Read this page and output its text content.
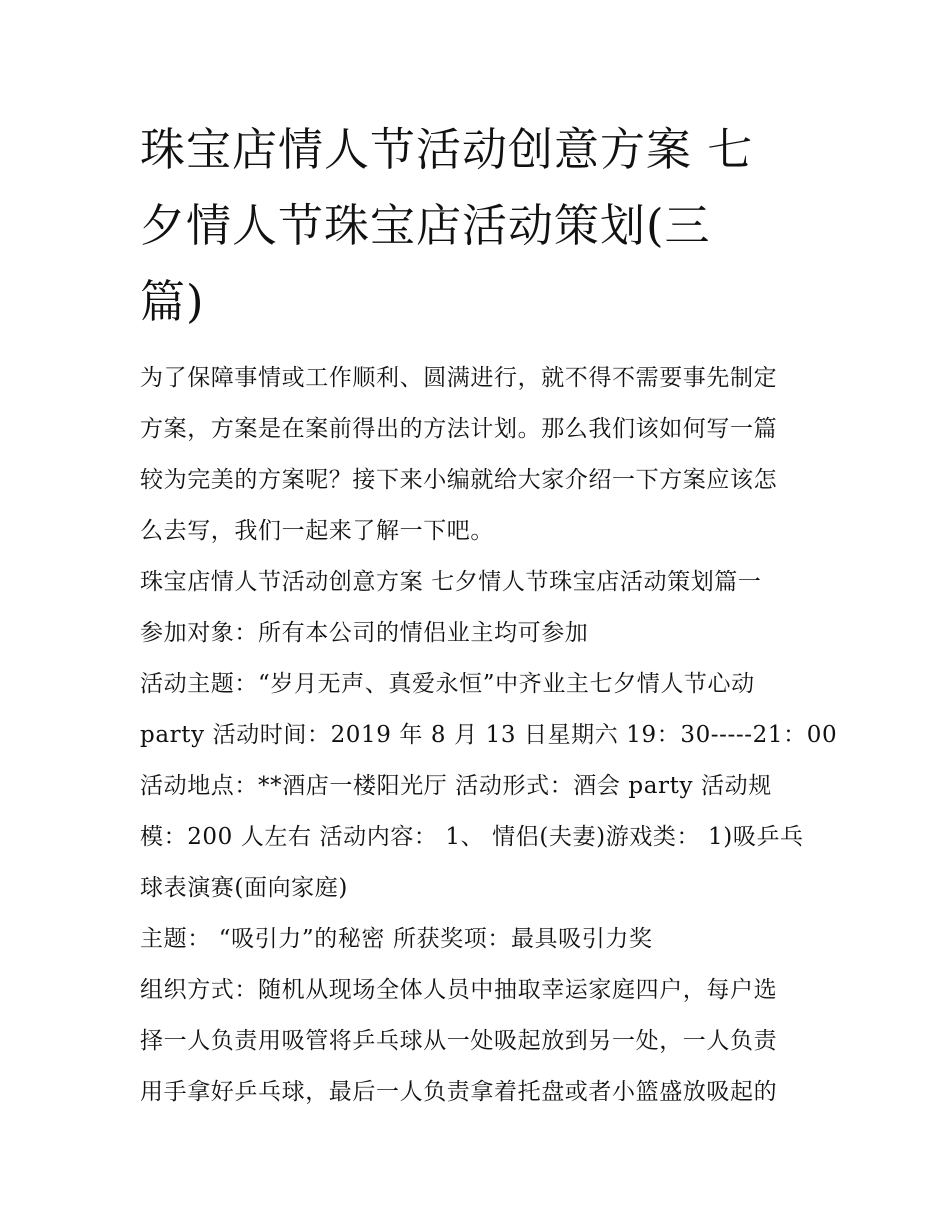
珠宝店情人节活动创意方案 七
夕情人节珠宝店活动策划(三
篇)
为了保障事情或工作顺利、圆满进行，就不得不需要事先制定
方案，方案是在案前得出的方法计划。那么我们该如何写一篇
较为完美的方案呢？接下来小编就给大家介绍一下方案应该怎
么去写，我们一起来了解一下吧。
珠宝店情人节活动创意方案 七夕情人节珠宝店活动策划篇一
参加对象：所有本公司的情侣业主均可参加
活动主题：“岁月无声、真爱永恒”中齐业主七夕情人节心动
party 活动时间：2019 年 8 月 13 日星期六 19：30-----21：00
活动地点：**酒店一楼阳光厅 活动形式：酒会 party 活动规
模：200 人左右 活动内容： 1、 情侣(夫妻)游戏类： 1)吸乒乓
球表演赛(面向家庭)
主题： “吸引力”的秘密 所获奖项：最具吸引力奖
组织方式：随机从现场全体人员中抽取幸运家庭四户，每户选
择一人负责用吸管将乒乓球从一处吸起放到另一处，一人负责
用手拿好乒乓球，最后一人负责拿着托盘或者小篮盛放吸起的
